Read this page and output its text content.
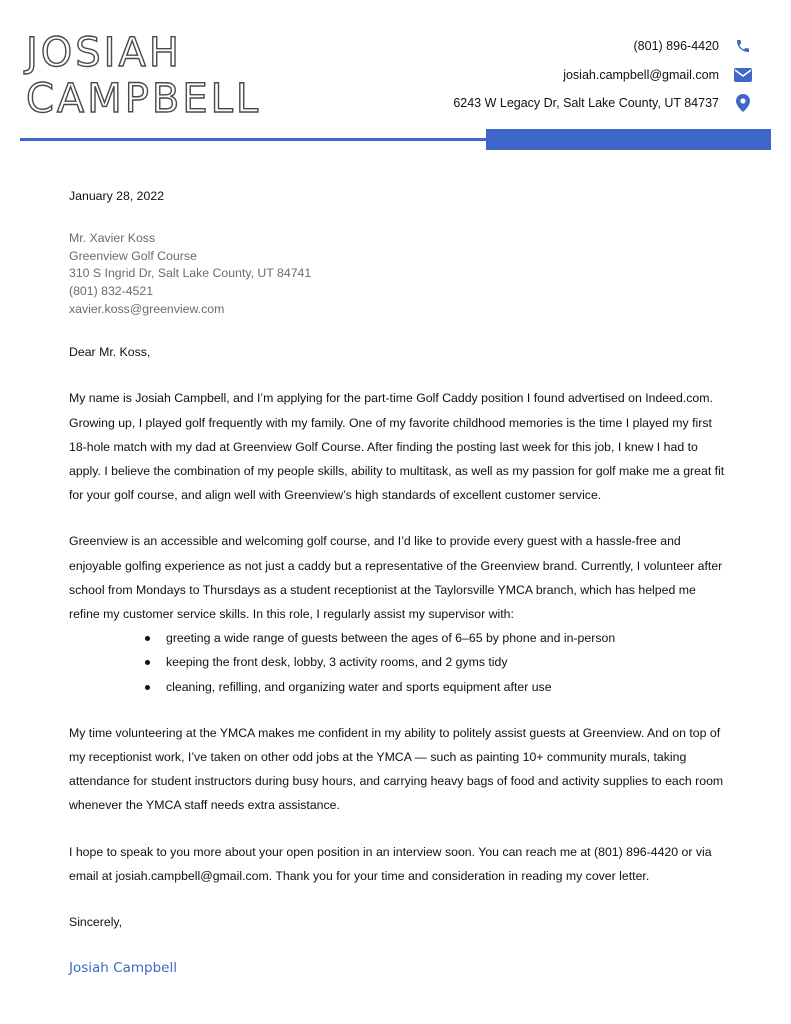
JOSIAH
CAMPBELL
(801) 896-4420
josiah.campbell@gmail.com
6243 W Legacy Dr, Salt Lake County, UT 84737
January 28, 2022
Mr. Xavier Koss
Greenview Golf Course
310 S Ingrid Dr, Salt Lake County, UT 84741
(801) 832-4521
xavier.koss@greenview.com
Dear Mr. Koss,
My name is Josiah Campbell, and I’m applying for the part-time Golf Caddy position I found advertised on Indeed.com. Growing up, I played golf frequently with my family. One of my favorite childhood memories is the time I played my first 18-hole match with my dad at Greenview Golf Course. After finding the posting last week for this job, I knew I had to apply. I believe the combination of my people skills, ability to multitask, as well as my passion for golf make me a great fit for your golf course, and align well with Greenview’s high standards of excellent customer service.
Greenview is an accessible and welcoming golf course, and I’d like to provide every guest with a hassle-free and enjoyable golfing experience as not just a caddy but a representative of the Greenview brand. Currently, I volunteer after school from Mondays to Thursdays as a student receptionist at the Taylorsville YMCA branch, which has helped me refine my customer service skills. In this role, I regularly assist my supervisor with:
greeting a wide range of guests between the ages of 6–65 by phone and in-person
keeping the front desk, lobby, 3 activity rooms, and 2 gyms tidy
cleaning, refilling, and organizing water and sports equipment after use
My time volunteering at the YMCA makes me confident in my ability to politely assist guests at Greenview. And on top of my receptionist work, I’ve taken on other odd jobs at the YMCA — such as painting 10+ community murals, taking attendance for student instructors during busy hours, and carrying heavy bags of food and activity supplies to each room whenever the YMCA staff needs extra assistance.
I hope to speak to you more about your open position in an interview soon. You can reach me at (801) 896-4420 or via email at josiah.campbell@gmail.com. Thank you for your time and consideration in reading my cover letter.
Sincerely,
Josiah Campbell
